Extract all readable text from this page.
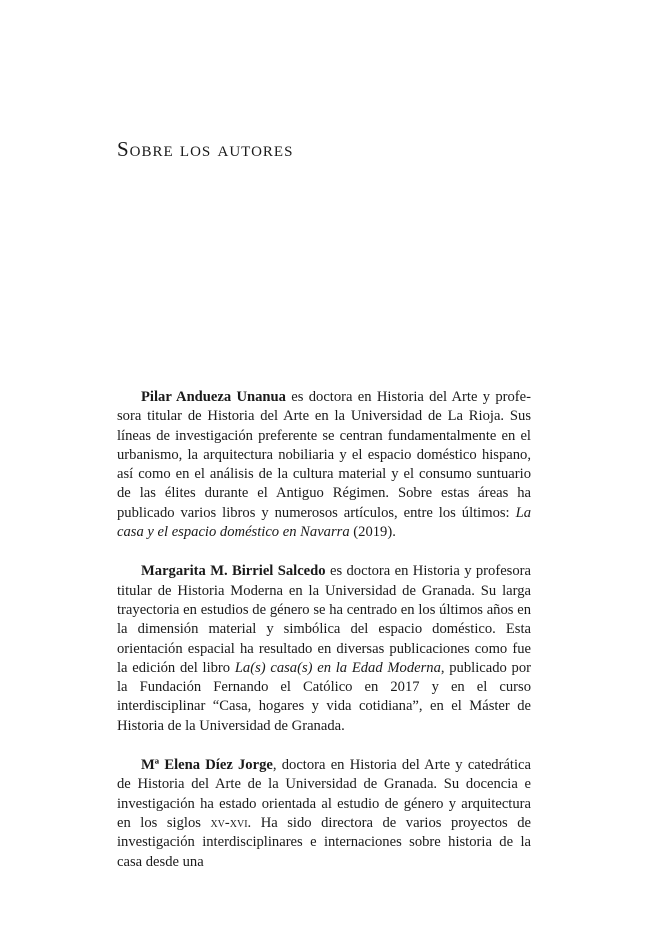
Sobre los autores

Pilar Andueza Unanua es doctora en Historia del Arte y profesora titular de Historia del Arte en la Universidad de La Rioja. Sus líneas de investigación preferente se centran fundamentalmente en el urbanismo, la arquitectura nobiliaria y el espacio doméstico hispano, así como en el análisis de la cultura material y el consumo suntuario de las élites durante el Antiguo Régimen. Sobre estas áreas ha publicado varios libros y numerosos artículos, entre los últimos: La casa y el espacio doméstico en Navarra (2019).

Margarita M. Birriel Salcedo es doctora en Historia y profesora titular de Historia Moderna en la Universidad de Granada. Su larga trayectoria en estudios de género se ha centrado en los últimos años en la dimensión material y simbólica del espacio doméstico. Esta orientación espacial ha resultado en diversas publicaciones como fue la edición del libro La(s) casa(s) en la Edad Moderna, publicado por la Fundación Fernando el Católico en 2017 y en el curso interdisciplinar “Casa, hogares y vida cotidiana”, en el Máster de Historia de la Universidad de Granada.

Mª Elena Díez Jorge, doctora en Historia del Arte y catedrática de Historia del Arte de la Universidad de Granada. Su docencia e investigación ha estado orientada al estudio de género y arquitectura en los siglos xv-xvi. Ha sido directora de varios proyectos de investigación interdisciplinares e internaciones sobre historia de la casa desde una
